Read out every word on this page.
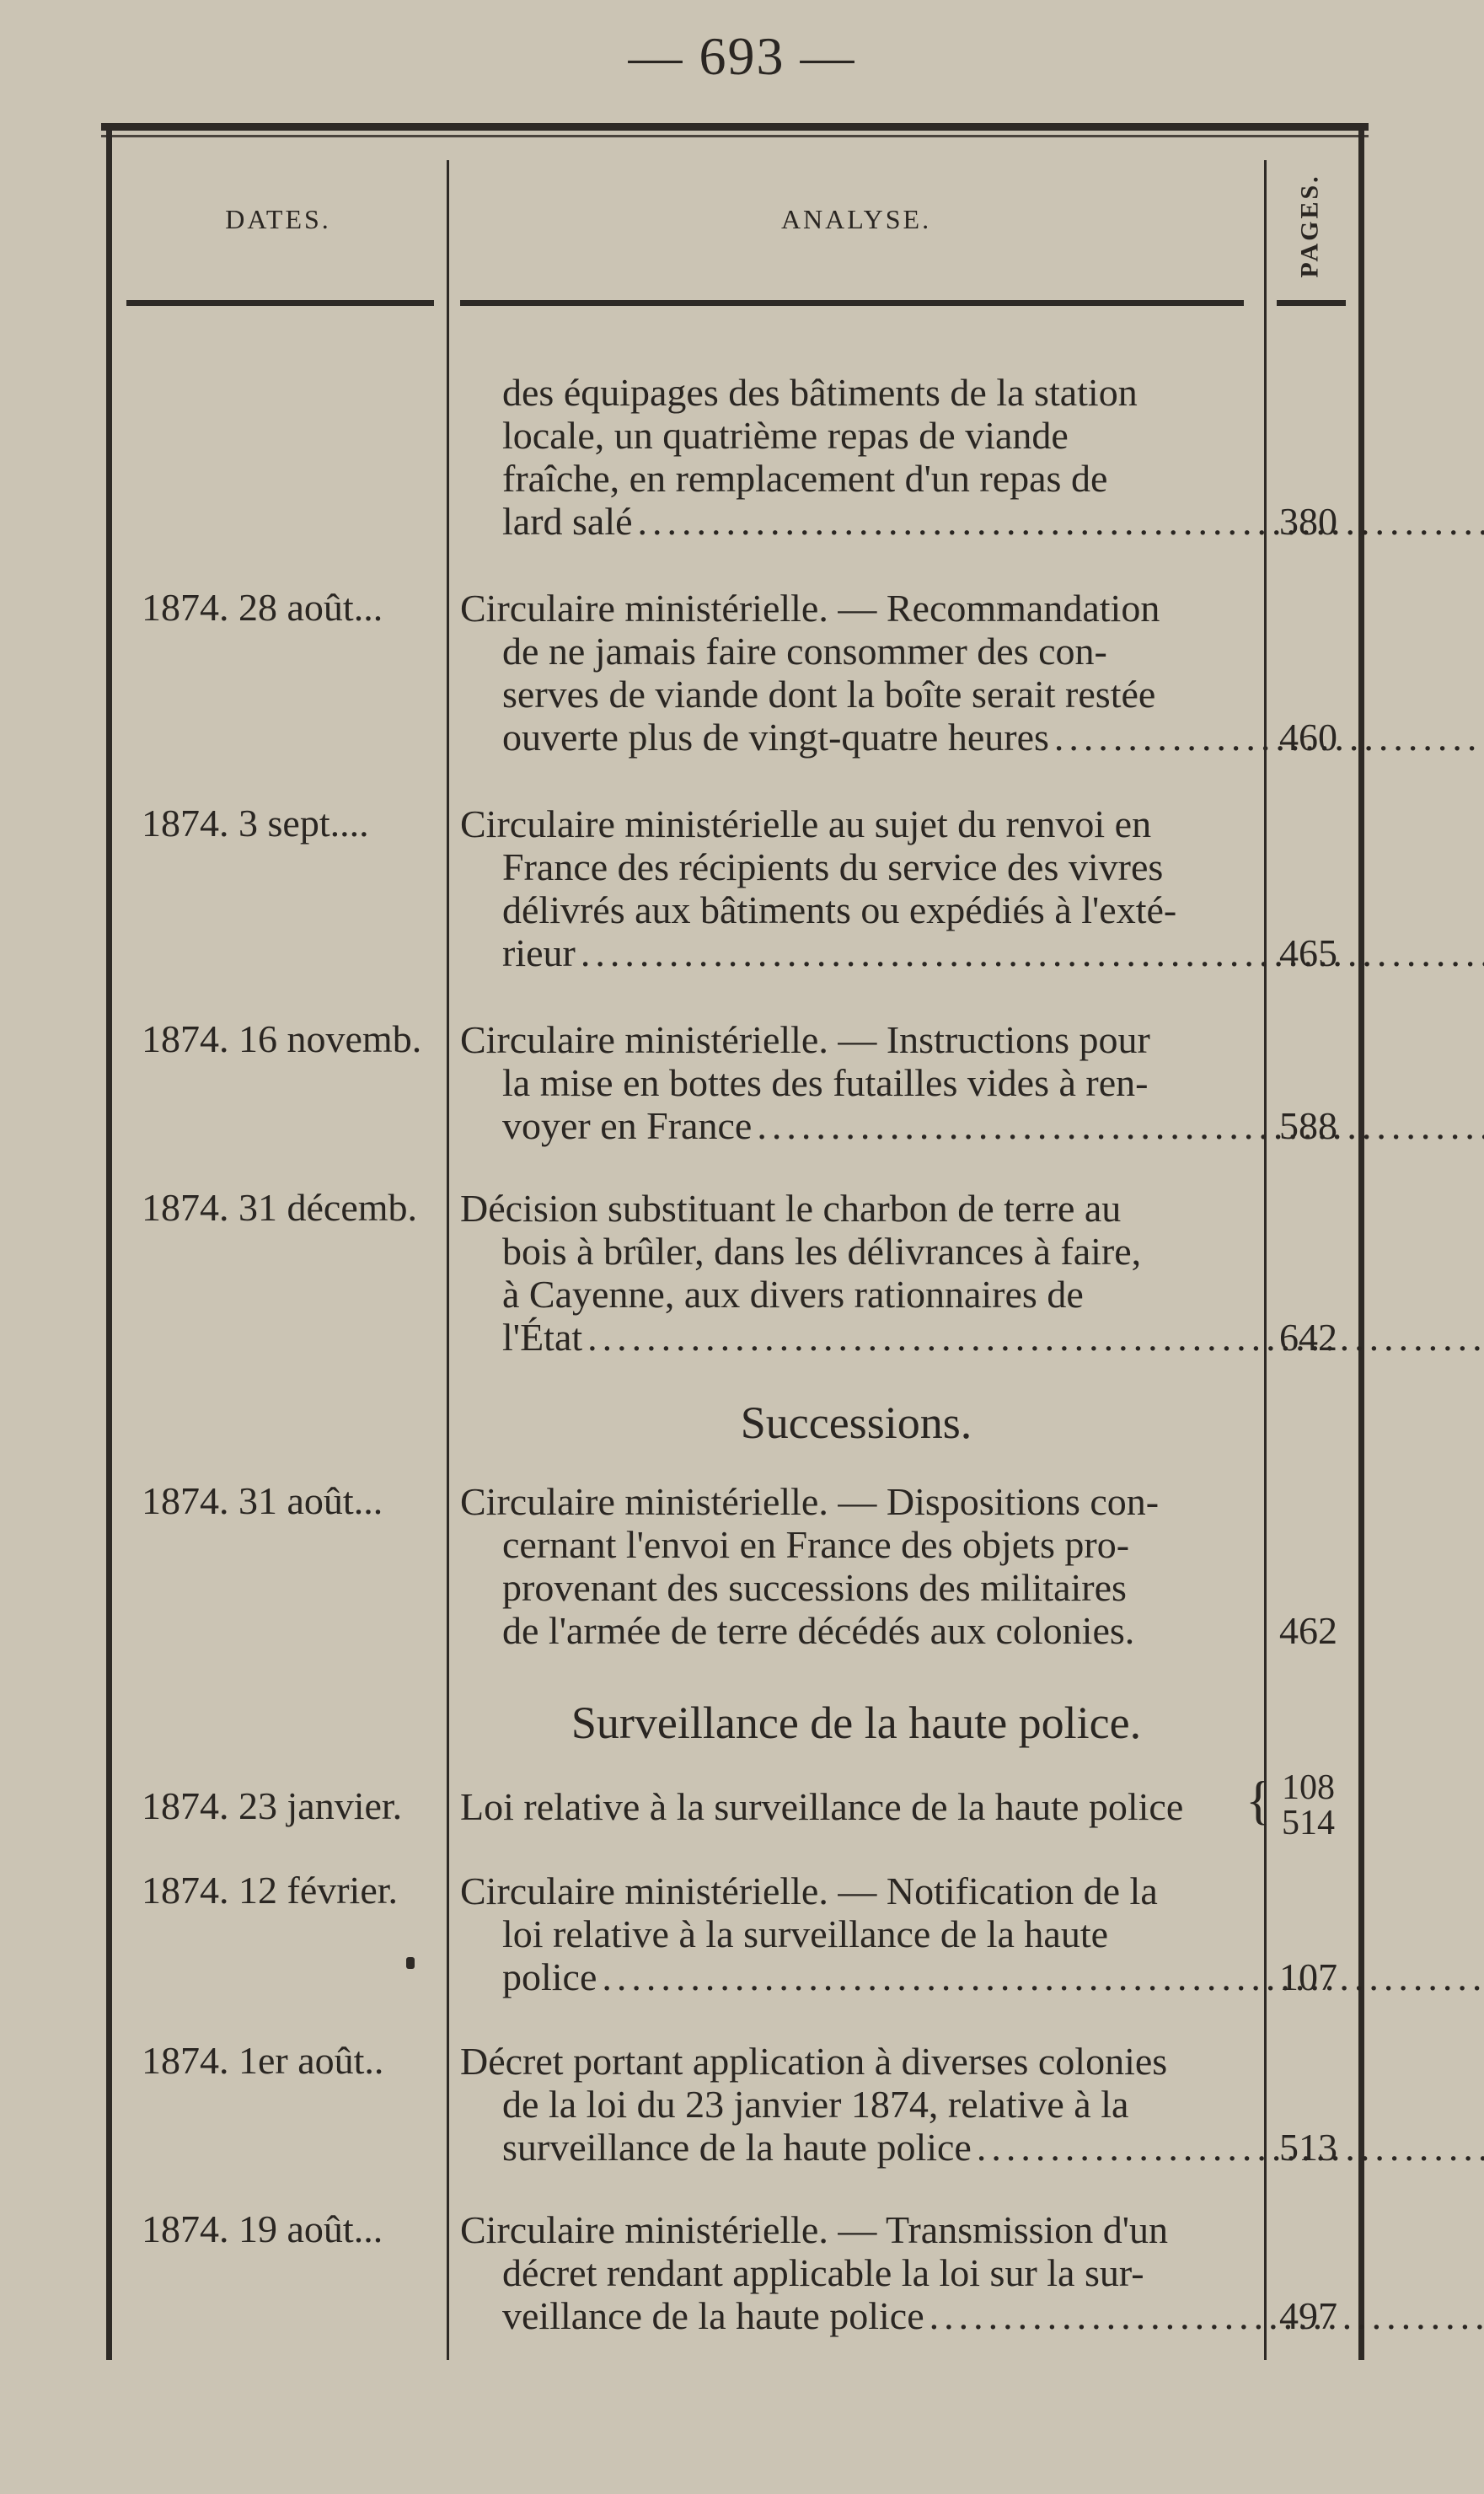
— 693 —
DATES.	ANALYSE.	PAGES.
des équipages des bâtiments de la station
locale, un quatrième repas de viande
fraîche, en remplacement d'un repas de
lard salé .....	380
1874. 28 août...	Circulaire ministérielle. — Recommandation
de ne jamais faire consommer des con-
serves de viande dont la boîte serait restée
ouverte plus de vingt-quatre heures .....	460
1874. 3 sept....	Circulaire ministérielle au sujet du renvoi en
France des récipients du service des vivres
délivrés aux bâtiments ou expédiés à l'exté-
rieur .....	465
1874. 16 novemb. Circulaire ministérielle. — Instructions pour
la mise en bottes des futailles vides à ren-
voyer en France .....	588
1874. 31 décemb.	Décision substituant le charbon de terre au
bois à brûler, dans les délivrances à faire,
à Cayenne, aux divers rationnaires de
l'État .....	642
Successions.
1874. 31 août...	Circulaire ministérielle. — Dispositions con-
cernant l'envoi en France des objets pro-
provenant des successions des militaires
de l'armée de terre décédés aux colonies.	462
Surveillance de la haute police.
1874. 23 janvier.	Loi relative à la surveillance de la haute police	{ 108
514
1874. 12 février.	Circulaire ministérielle. — Notification de la
loi relative à la surveillance de la haute
police .....	107
1874. 1er août..	Décret portant application à diverses colonies
de la loi du 23 janvier 1874, relative à la
surveillance de la haute police .....	513
1874. 19 août...	Circulaire ministérielle. — Transmission d'un
décret rendant applicable la loi sur la sur-
veillance de la haute police .....	497
